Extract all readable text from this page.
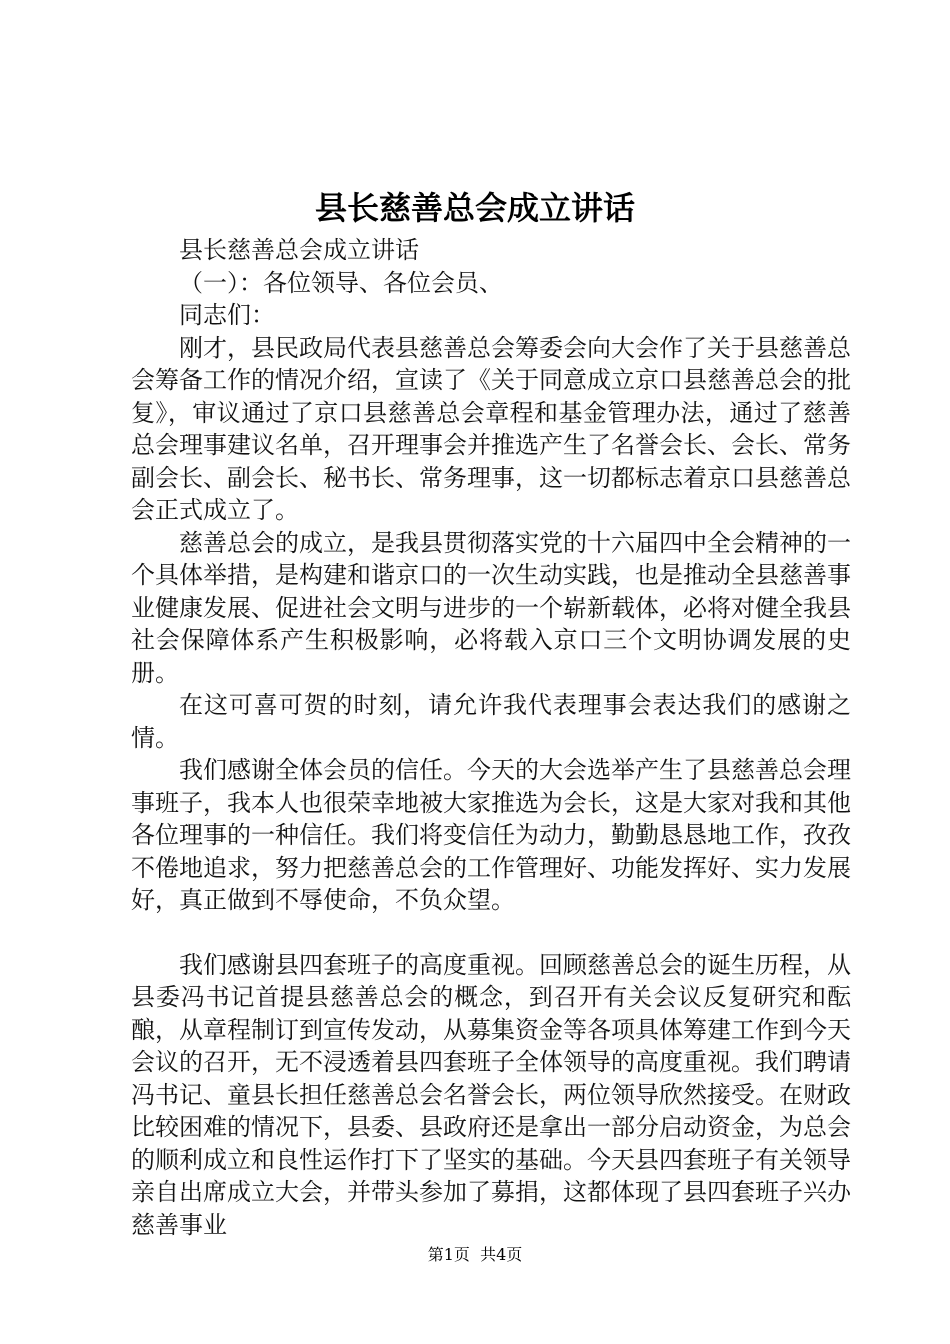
县长慈善总会成立讲话

县长慈善总会成立讲话

（一）：各位领导、各位会员、

同志们：

刚才，县民政局代表县慈善总会筹委会向大会作了关于县慈善总会筹备工作的情况介绍，宣读了《关于同意成立京口县慈善总会的批复》，审议通过了京口县慈善总会章程和基金管理办法，通过了慈善总会理事建议名单，召开理事会并推选产生了名誉会长、会长、常务副会长、副会长、秘书长、常务理事，这一切都标志着京口县慈善总会正式成立了。

慈善总会的成立，是我县贯彻落实党的十六届四中全会精神的一个具体举措，是构建和谐京口的一次生动实践，也是推动全县慈善事业健康发展、促进社会文明与进步的一个崭新载体，必将对健全我县社会保障体系产生积极影响，必将载入京口三个文明协调发展的史册。

在这可喜可贺的时刻，请允许我代表理事会表达我们的感谢之情。

我们感谢全体会员的信任。今天的大会选举产生了县慈善总会理事班子，我本人也很荣幸地被大家推选为会长，这是大家对我和其他各位理事的一种信任。我们将变信任为动力，勤勤恳恳地工作，孜孜不倦地追求，努力把慈善总会的工作管理好、功能发挥好、实力发展好，真正做到不辱使命，不负众望。

我们感谢县四套班子的高度重视。回顾慈善总会的诞生历程，从县委冯书记首提县慈善总会的概念，到召开有关会议反复研究和酝酿，从章程制订到宣传发动，从募集资金等各项具体筹建工作到今天会议的召开，无不浸透着县四套班子全体领导的高度重视。我们聘请冯书记、童县长担任慈善总会名誉会长，两位领导欣然接受。在财政比较困难的情况下，县委、县政府还是拿出一部分启动资金，为总会的顺利成立和良性运作打下了坚实的基础。今天县四套班子有关领导亲自出席成立大会，并带头参加了募捐，这都体现了县四套班子兴办慈善事业

第1页  共4页
